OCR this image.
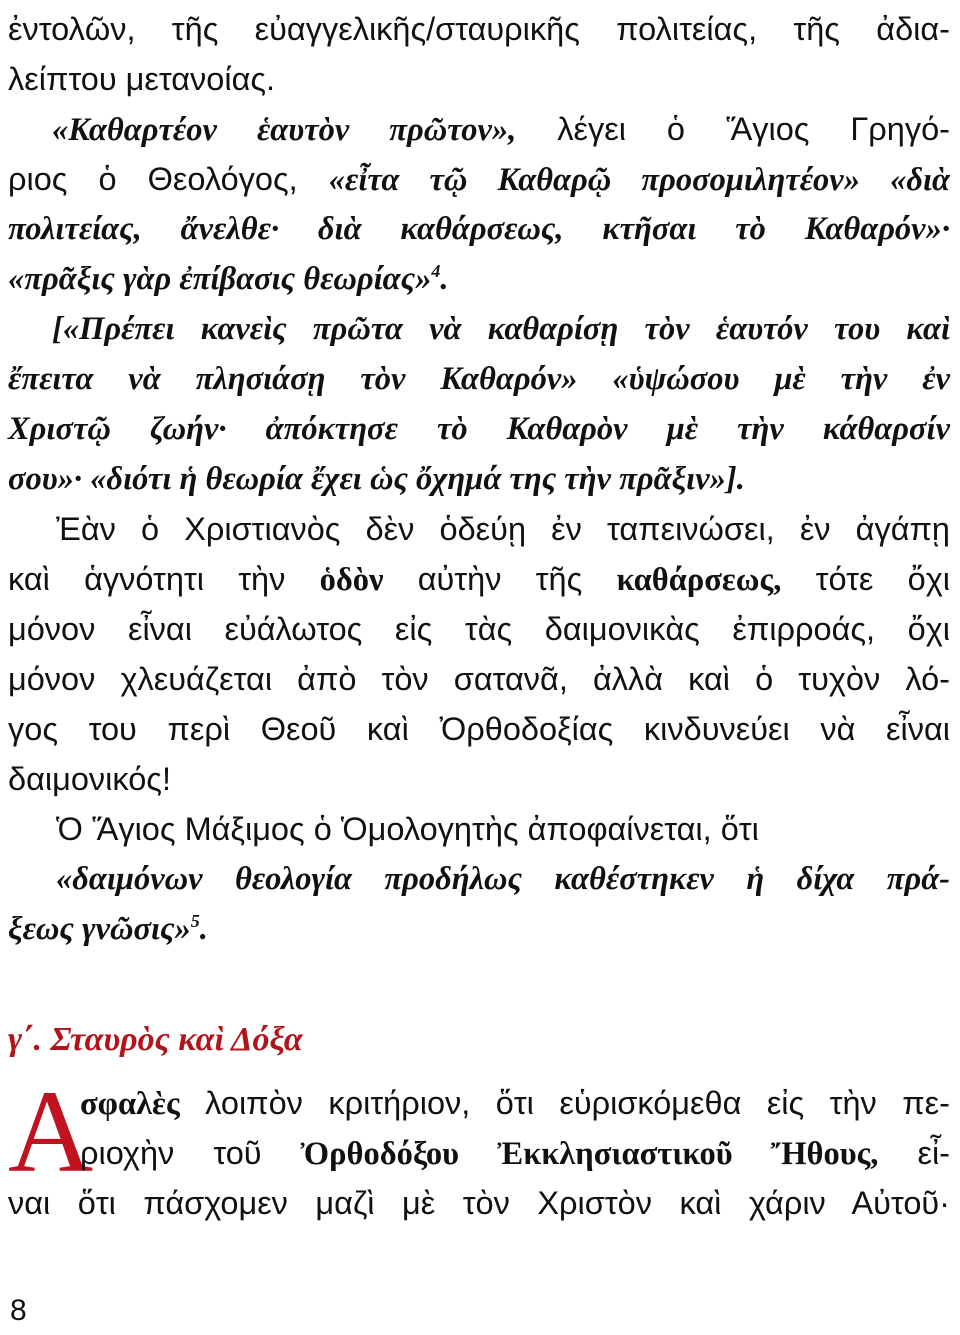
ἐντολῶν, τῆς εὐαγγελικῆς/σταυρικῆς πολιτείας, τῆς ἀδια-
λείπτου μετανοίας.
«Καθαρτέον ἑαυτὸν πρῶτον», λέγει ὁ Ἅγιος Γρηγό-
ριος ὁ Θεολόγος, «εἶτα τῷ Καθαρῷ προσομιλητέον» «διὰ
πολιτείας, ἄνελθε· διὰ καθάρσεως, κτῆσαι τὸ Καθαρόν»·
«πρᾶξις γὰρ ἐπίβασις θεωρίας»$^4$.
[«Πρέπει κανεὶς πρῶτα νὰ καθαρίσῃ τὸν ἑαυτόν του καὶ
ἔπειτα νὰ πλησιάσῃ τὸν Καθαρόν» «ὑψώσου μὲ τὴν ἐν
Χριστῷ ζωήν· ἀπόκτησε τὸ Καθαρὸν μὲ τὴν κάθαρσίν
σου»· «διότι ἡ θεωρία ἔχει ὡς ὄχημά της τὴν πρᾶξιν»].
Ἐὰν ὁ Χριστιανὸς δὲν ὁδεύῃ ἐν ταπεινώσει, ἐν ἀγάπῃ
καὶ ἁγνότητι τὴν ὁδὸν αὐτὴν τῆς καθάρσεως, τότε ὄχι
μόνον εἶναι εὐάλωτος εἰς τὰς δαιμονικὰς ἐπιρροάς, ὄχι
μόνον χλευάζεται ἀπὸ τὸν σατανᾶ, ἀλλὰ καὶ ὁ τυχὸν λό-
γος του περὶ Θεοῦ καὶ Ὀρθοδοξίας κινδυνεύει νὰ εἶναι
δαιμονικός!
Ὁ Ἅγιος Μάξιμος ὁ Ὁμολογητὴς ἀποφαίνεται, ὅτι
«δαιμόνων θεολογία προδήλως καθέστηκεν ἡ δίχα πρά-
ξεως γνῶσις»$^5$.
γ΄. Σταυρὸς καὶ Δόξα
Α
σφαλὲς λοιπὸν κριτήριον, ὅτι εὑρισκόμεθα εἰς τὴν πε-
ριοχὴν τοῦ Ὀρθοδόξου Ἐκκλησιαστικοῦ Ἤθους, εἶ-
ναι ὅτι πάσχομεν μαζὶ μὲ τὸν Χριστὸν καὶ χάριν Αὐτοῦ·
8
